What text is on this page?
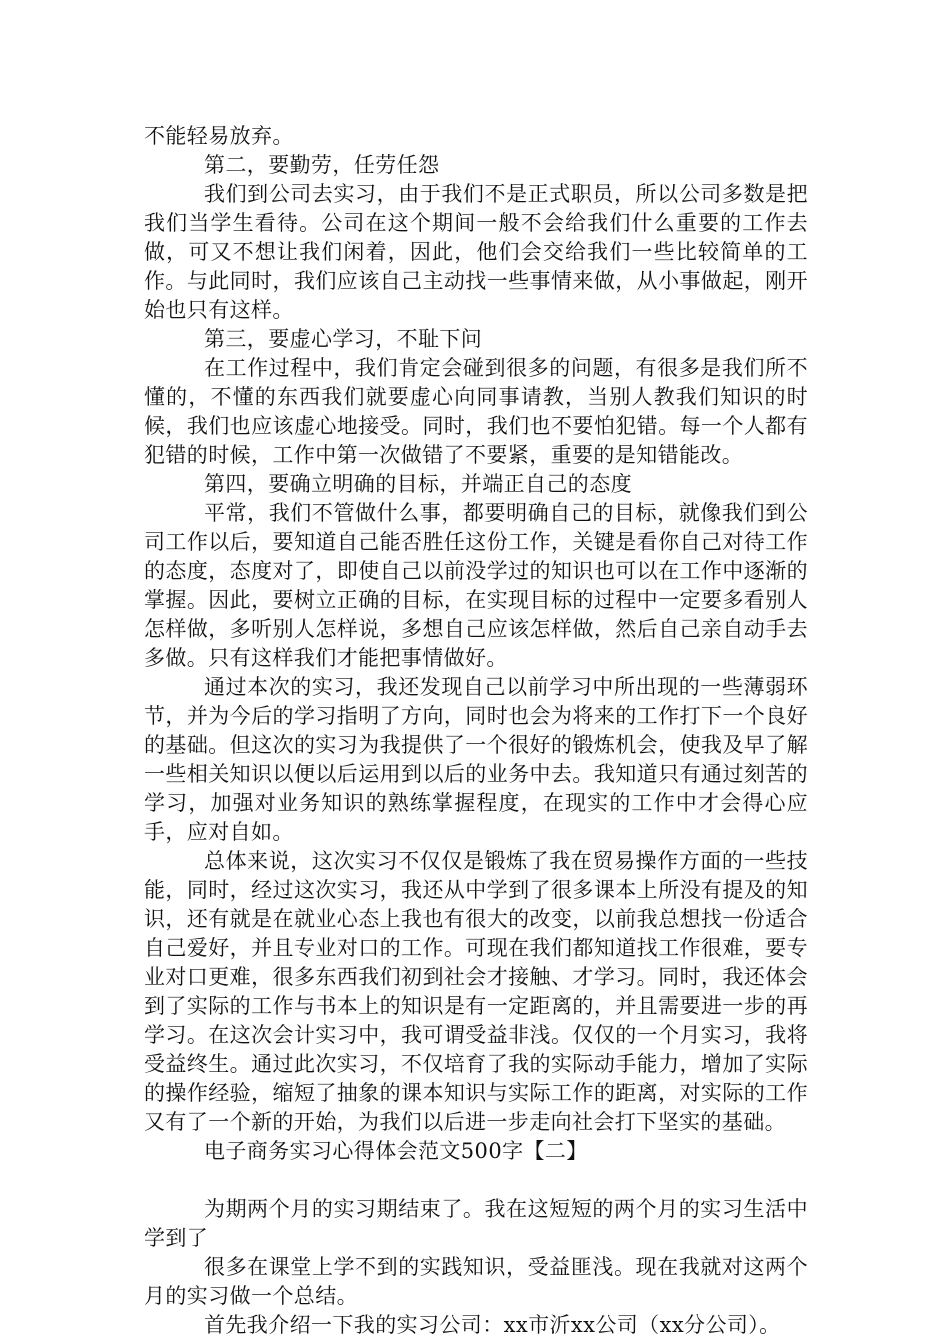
不能轻易放弃。

第二，要勤劳，任劳任怨

我们到公司去实习，由于我们不是正式职员，所以公司多数是把我们当学生看待。公司在这个期间一般不会给我们什么重要的工作去做，可又不想让我们闲着，因此，他们会交给我们一些比较简单的工作。与此同时，我们应该自己主动找一些事情来做，从小事做起，刚开始也只有这样。

第三，要虚心学习，不耻下问

在工作过程中，我们肯定会碰到很多的问题，有很多是我们所不懂的，不懂的东西我们就要虚心向同事请教，当别人教我们知识的时候，我们也应该虚心地接受。同时，我们也不要怕犯错。每一个人都有犯错的时候，工作中第一次做错了不要紧，重要的是知错能改。

第四，要确立明确的目标，并端正自己的态度

平常，我们不管做什么事，都要明确自己的目标，就像我们到公司工作以后，要知道自己能否胜任这份工作，关键是看你自己对待工作的态度，态度对了，即使自己以前没学过的知识也可以在工作中逐渐的掌握。因此，要树立正确的目标，在实现目标的过程中一定要多看别人怎样做，多听别人怎样说，多想自己应该怎样做，然后自己亲自动手去多做。只有这样我们才能把事情做好。

通过本次的实习，我还发现自己以前学习中所出现的一些薄弱环节，并为今后的学习指明了方向，同时也会为将来的工作打下一个良好的基础。但这次的实习为我提供了一个很好的锻炼机会，使我及早了解一些相关知识以便以后运用到以后的业务中去。我知道只有通过刻苦的学习，加强对业务知识的熟练掌握程度，在现实的工作中才会得心应手，应对自如。

总体来说，这次实习不仅仅是锻炼了我在贸易操作方面的一些技能，同时，经过这次实习，我还从中学到了很多课本上所没有提及的知识，还有就是在就业心态上我也有很大的改变，以前我总想找一份适合自己爱好，并且专业对口的工作。可现在我们都知道找工作很难，要专业对口更难，很多东西我们初到社会才接触、才学习。同时，我还体会到了实际的工作与书本上的知识是有一定距离的，并且需要进一步的再学习。在这次会计实习中，我可谓受益非浅。仅仅的一个月实习，我将受益终生。通过此次实习，不仅培育了我的实际动手能力，增加了实际的操作经验，缩短了抽象的课本知识与实际工作的距离，对实际的工作又有了一个新的开始，为我们以后进一步走向社会打下坚实的基础。

电子商务实习心得体会范文500字【二】

为期两个月的实习期结束了。我在这短短的两个月的实习生活中学到了

很多在课堂上学不到的实践知识，受益匪浅。现在我就对这两个月的实习做一个总结。

首先我介绍一下我的实习公司：xx市沂xx公司（xx分公司）。
